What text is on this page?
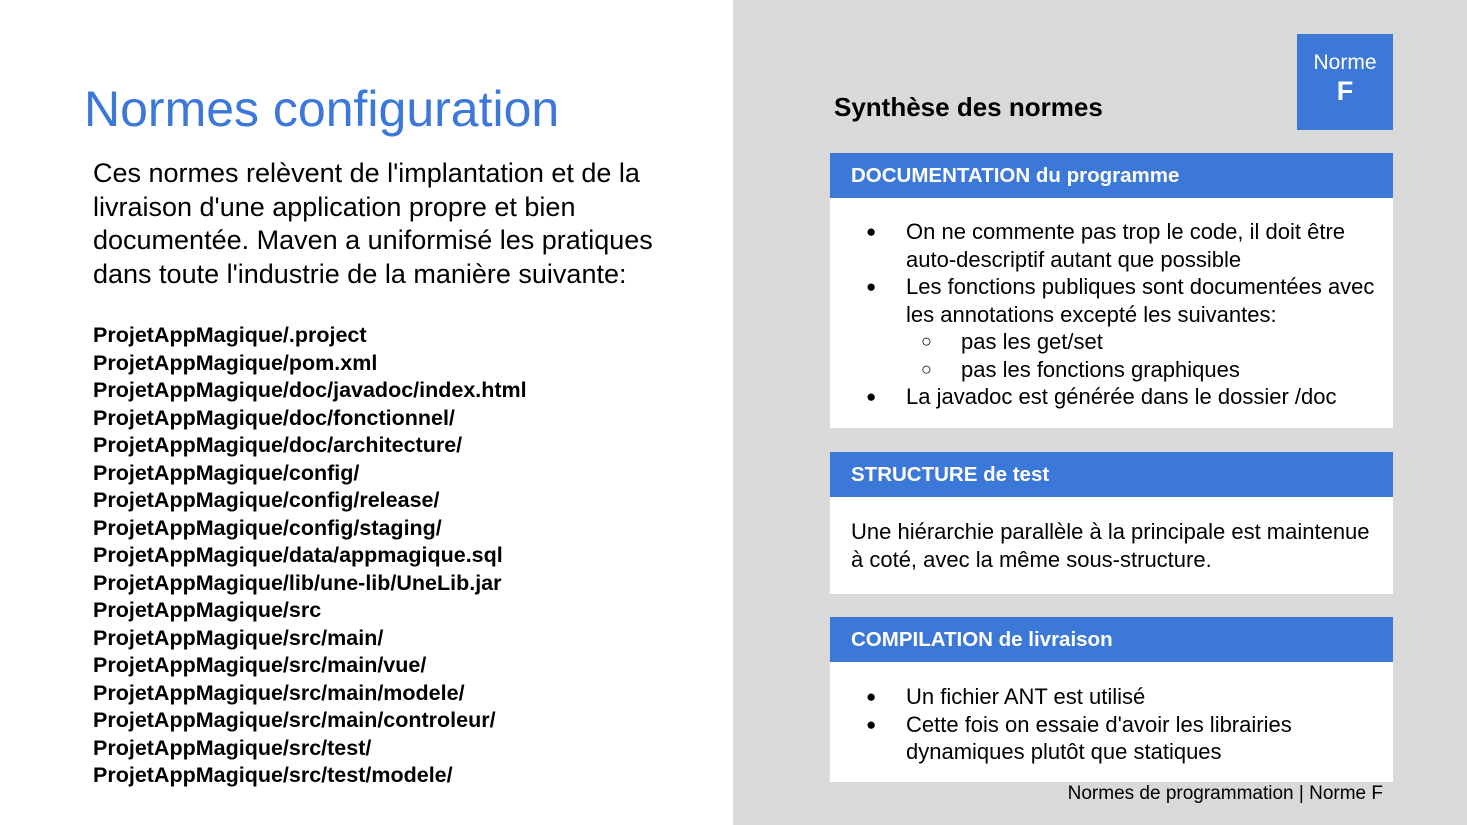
Normes configuration

Ces normes relèvent de l'implantation et de la livraison d'une application propre et bien documentée. Maven a uniformisé les pratiques dans toute l'industrie de la manière suivante:

ProjetAppMagique/.project
ProjetAppMagique/pom.xml
ProjetAppMagique/doc/javadoc/index.html
ProjetAppMagique/doc/fonctionnel/
ProjetAppMagique/doc/architecture/
ProjetAppMagique/config/
ProjetAppMagique/config/release/
ProjetAppMagique/config/staging/
ProjetAppMagique/data/appmagique.sql
ProjetAppMagique/lib/une-lib/UneLib.jar
ProjetAppMagique/src
ProjetAppMagique/src/main/
ProjetAppMagique/src/main/vue/
ProjetAppMagique/src/main/modele/
ProjetAppMagique/src/main/controleur/
ProjetAppMagique/src/test/
ProjetAppMagique/src/test/modele/
Norme
F
Synthèse des normes
DOCUMENTATION du programme
● On ne commente pas trop le code, il doit être auto-descriptif autant que possible
● Les fonctions publiques sont documentées avec les annotations excepté les suivantes:
○ pas les get/set
○ pas les fonctions graphiques
● La javadoc est générée dans le dossier /doc
STRUCTURE de test
Une hiérarchie parallèle à la principale est maintenue à coté, avec la même sous-structure.
COMPILATION de livraison
● Un fichier ANT est utilisé
● Cette fois on essaie d'avoir les librairies dynamiques plutôt que statiques
Normes de programmation | Norme F
